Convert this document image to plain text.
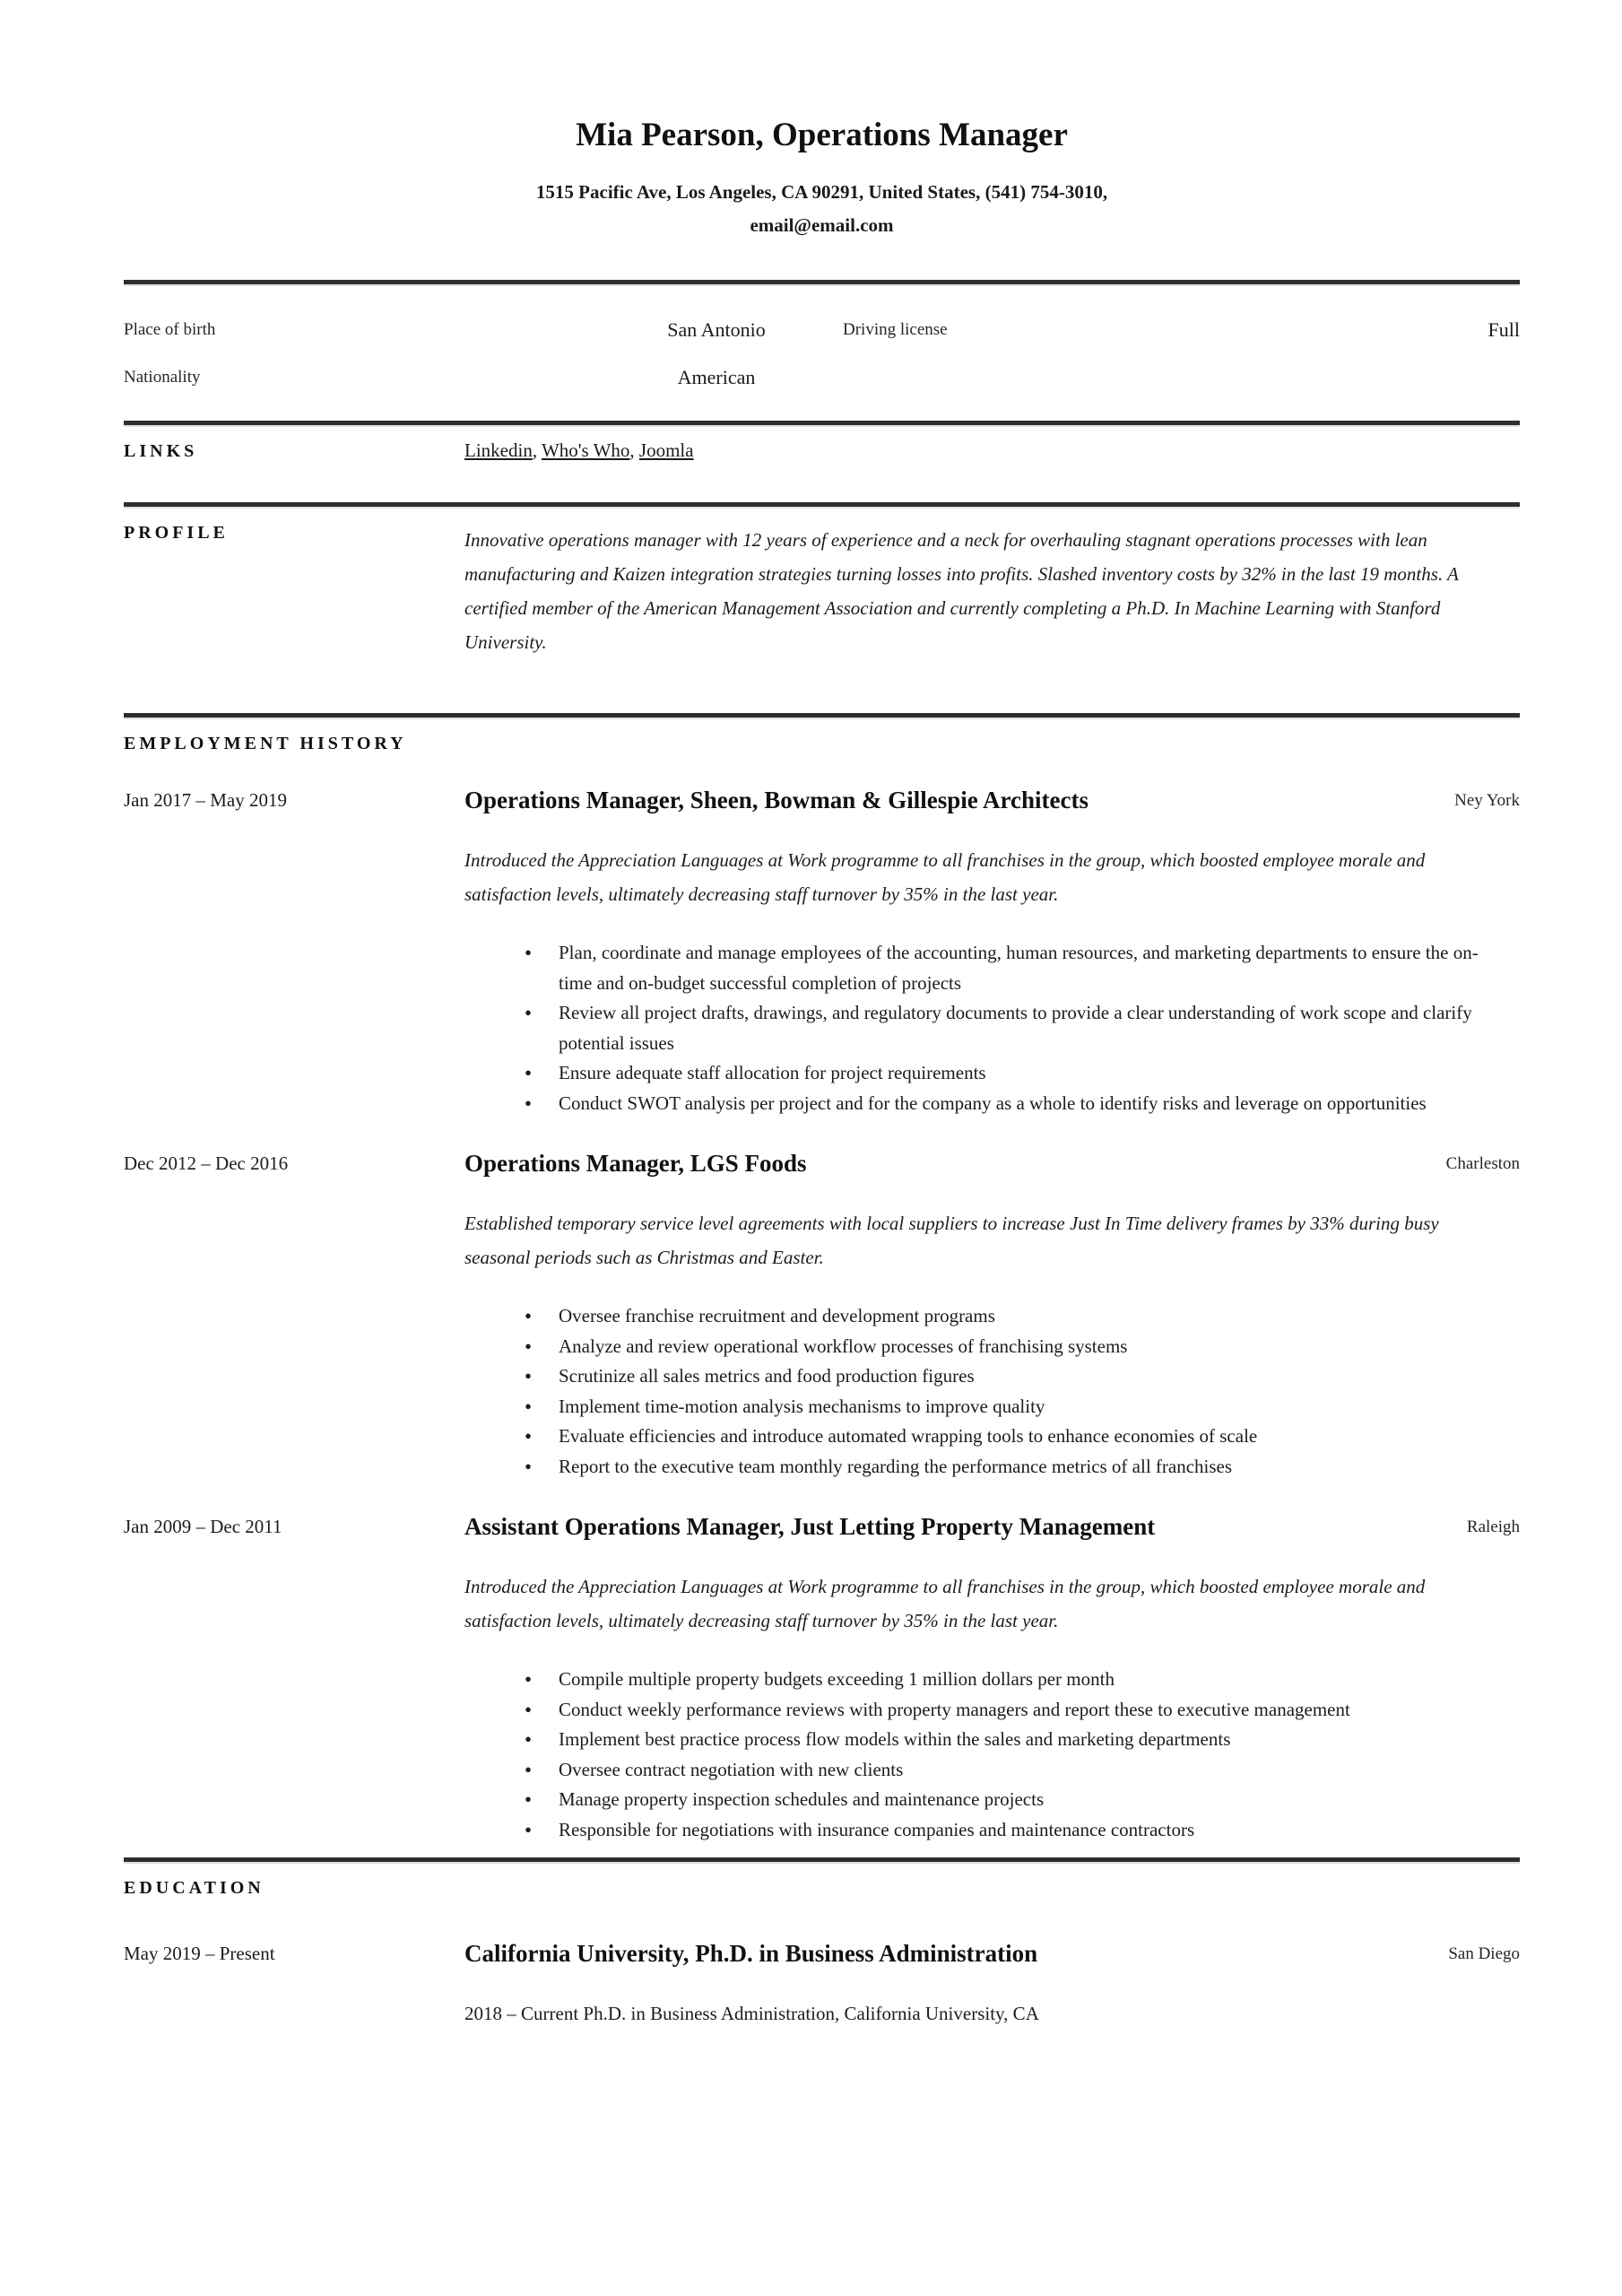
Mia Pearson, Operations Manager
1515 Pacific Ave, Los Angeles, CA 90291, United States, (541) 754-3010,
email@email.com
Place of birth	San Antonio	Driving license	Full
Nationality	American
LINKS	Linkedin, Who's Who, Joomla
PROFILE	Innovative operations manager with 12 years of experience and a neck for overhauling stagnant operations processes with lean manufacturing and Kaizen integration strategies turning losses into profits. Slashed inventory costs by 32% in the last 19 months. A certified member of the American Management Association and currently completing a Ph.D. In Machine Learning with Stanford University.
EMPLOYMENT HISTORY
Jan 2017 – May 2019	Operations Manager, Sheen, Bowman & Gillespie Architects	Ney York
Introduced the Appreciation Languages at Work programme to all franchises in the group, which boosted employee morale and satisfaction levels, ultimately decreasing staff turnover by 35% in the last year.
• Plan, coordinate and manage employees of the accounting, human resources, and marketing departments to ensure the on-time and on-budget successful completion of projects
• Review all project drafts, drawings, and regulatory documents to provide a clear understanding of work scope and clarify potential issues
• Ensure adequate staff allocation for project requirements
• Conduct SWOT analysis per project and for the company as a whole to identify risks and leverage on opportunities
Dec 2012 – Dec 2016	Operations Manager, LGS Foods	Charleston
Established temporary service level agreements with local suppliers to increase Just In Time delivery frames by 33% during busy seasonal periods such as Christmas and Easter.
• Oversee franchise recruitment and development programs
• Analyze and review operational workflow processes of franchising systems
• Scrutinize all sales metrics and food production figures
• Implement time-motion analysis mechanisms to improve quality
• Evaluate efficiencies and introduce automated wrapping tools to enhance economies of scale
• Report to the executive team monthly regarding the performance metrics of all franchises
Jan 2009 – Dec 2011	Assistant Operations Manager, Just Letting Property Management	Raleigh
Introduced the Appreciation Languages at Work programme to all franchises in the group, which boosted employee morale and satisfaction levels, ultimately decreasing staff turnover by 35% in the last year.
• Compile multiple property budgets exceeding 1 million dollars per month
• Conduct weekly performance reviews with property managers and report these to executive management
• Implement best practice process flow models within the sales and marketing departments
• Oversee contract negotiation with new clients
• Manage property inspection schedules and maintenance projects
• Responsible for negotiations with insurance companies and maintenance contractors
EDUCATION
May 2019 – Present	California University, Ph.D. in Business Administration	San Diego
2018 – Current Ph.D. in Business Administration, California University, CA
